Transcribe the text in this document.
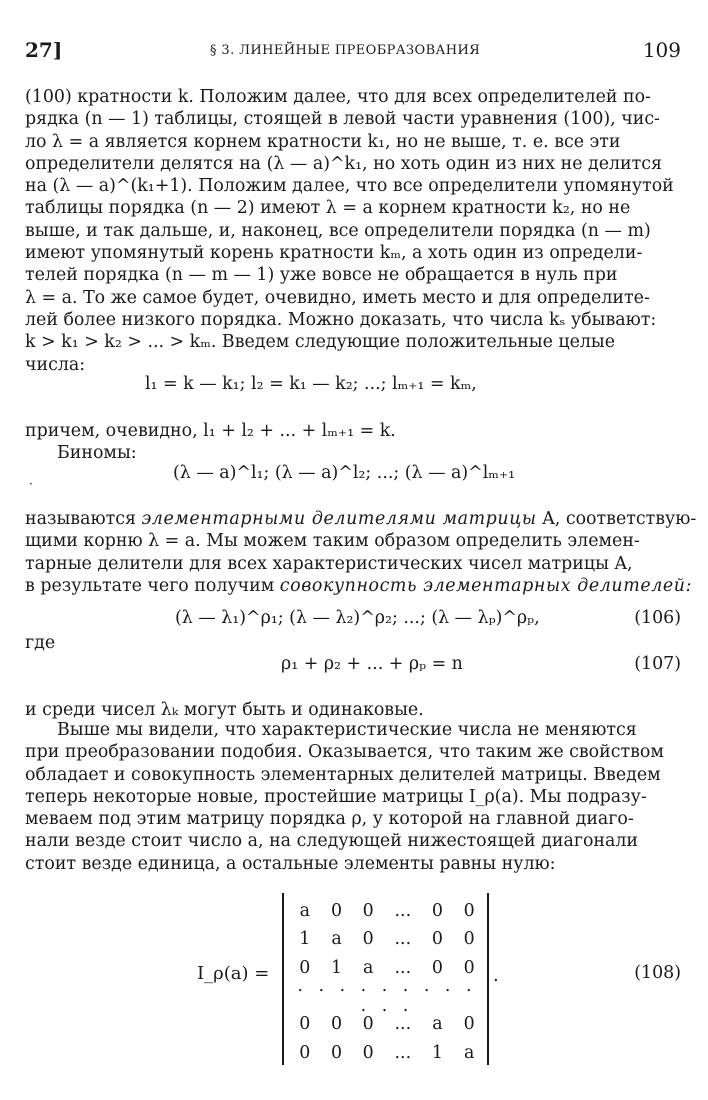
27]	§ 3. ЛИНЕЙНЫЕ ПРЕОБРАЗОВАНИЯ	109
(100) кратности k. Положим далее, что для всех определителей по-
рядка (n — 1) таблицы, стоящей в левой части уравнения (100), чис-
ло λ = a является корнем кратности k₁, но не выше, т. е. все эти
определители делятся на (λ — a)^k₁, но хоть один из них не делится
на (λ — a)^(k₁+1). Положим далее, что все определители упомянутой
таблицы порядка (n — 2) имеют λ = a корнем кратности k₂, но не
выше, и так дальше, и, наконец, все определители порядка (n — m)
имеют упомянутый корень кратности kₘ, а хоть один из определи-
телей порядка (n — m — 1) уже вовсе не обращается в нуль при
λ = a. То же самое будет, очевидно, иметь место и для определите-
лей более низкого порядка. Можно доказать, что числа kₛ убывают:
k > k₁ > k₂ > ... > kₘ. Введем следующие положительные целые
числа:
l₁ = k — k₁; l₂ = k₁ — k₂; ...; lₘ₊₁ = kₘ,
причем, очевидно, l₁ + l₂ + ... + lₘ₊₁ = k.
Биномы:
(λ — a)^l₁; (λ — a)^l₂; ...; (λ — a)^lₘ₊₁
·
называются элементарными делителями матрицы A, соответствую-
щими корню λ = a. Мы можем таким образом определить элемен-
тарные делители для всех характеристических чисел матрицы A,
в результате чего получим совокупность элементарных делителей:
(λ — λ₁)^ρ₁; (λ — λ₂)^ρ₂; ...; (λ — λₚ)^ρₚ,	(106)
где
ρ₁ + ρ₂ + ... + ρₚ = n	(107)
и среди чисел λₖ могут быть и одинаковые.
Выше мы видели, что характеристические числа не меняются
при преобразовании подобия. Оказывается, что таким же свойством
обладает и совокупность элементарных делителей матрицы. Введем
теперь некоторые новые, простейшие матрицы I_ρ(a). Мы подразу-
меваем под этим матрицу порядка ρ, у которой на главной диаго-
нали везде стоит число a, на следующей нижестоящей диагонали
стоит везде единица, а остальные элементы равны нулю:
I_ρ(a) =
a	0	0	...	0	0
1	a	0	...	0	0
0	1	a	...	0	0
. . . . . . . . . . . .
0	0	0	...	a	0
0	0	0	...	1	a
.	(108)
